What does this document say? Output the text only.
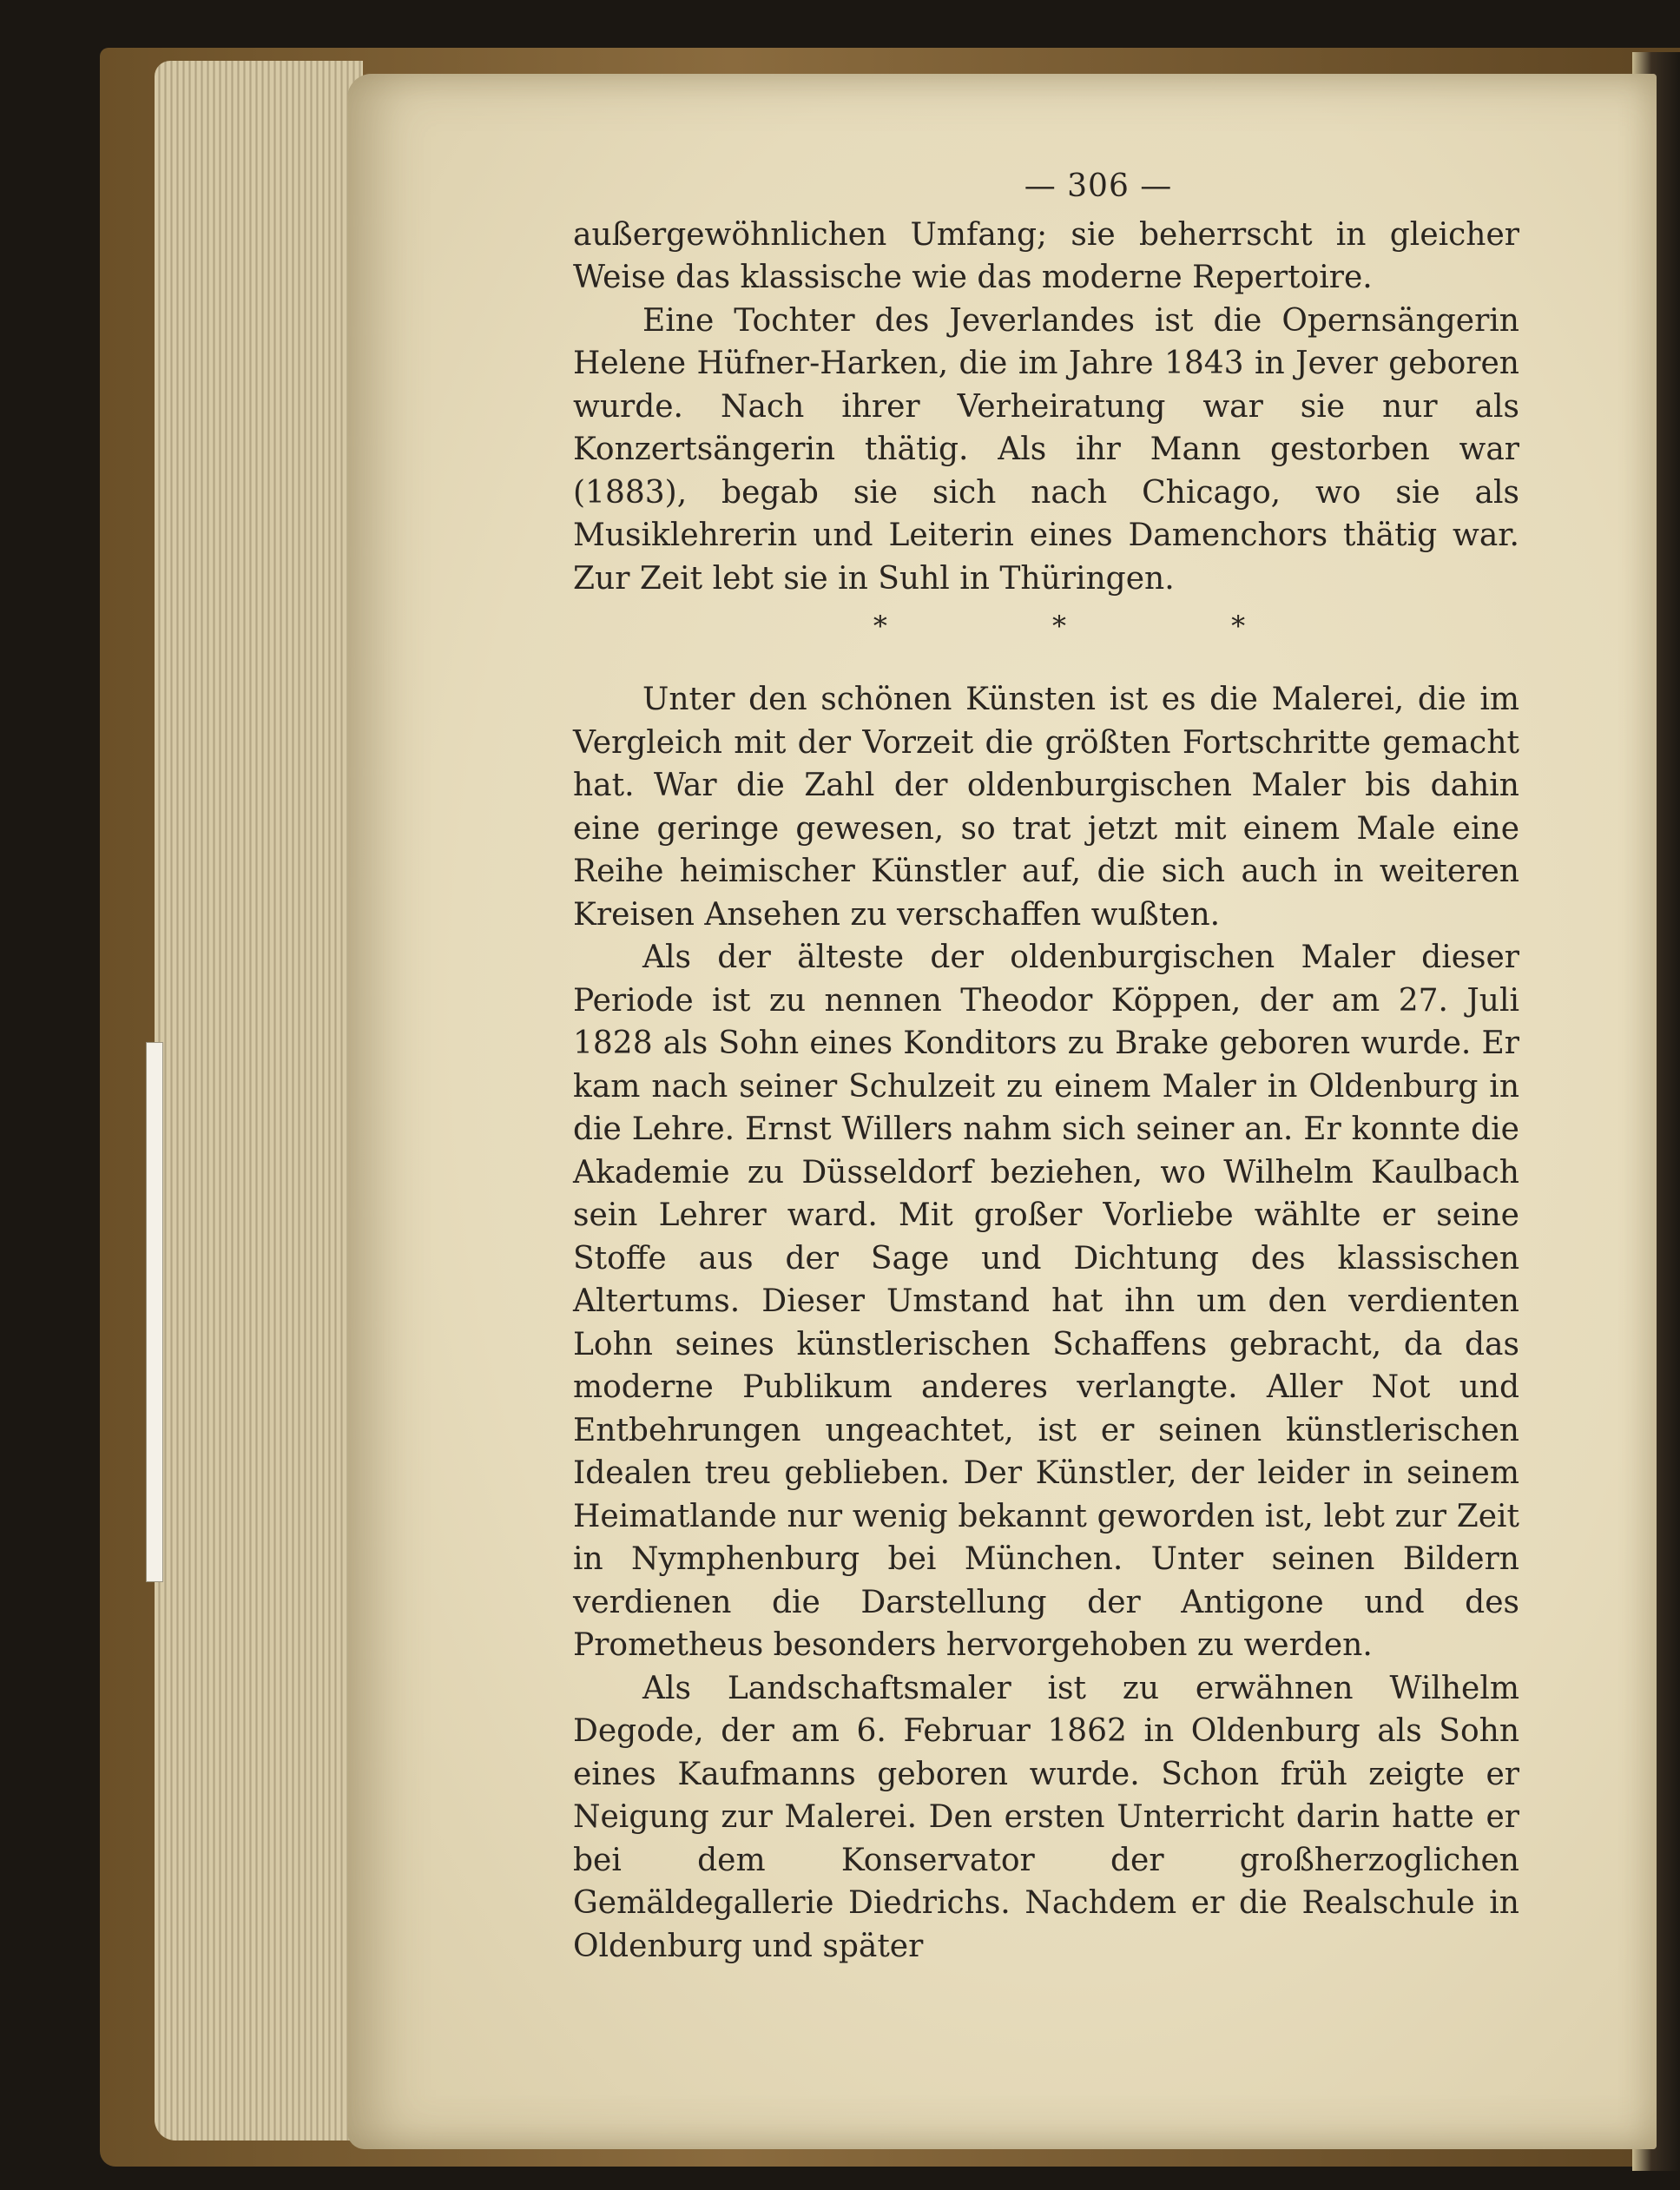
— 306 —

außergewöhnlichen Umfang; sie beherrscht in gleicher Weise das klassische wie das moderne Repertoire.

Eine Tochter des Jeverlandes ist die Opernsängerin Helene Hüfner-Harken, die im Jahre 1843 in Jever geboren wurde. Nach ihrer Verheiratung war sie nur als Konzertsängerin thätig. Als ihr Mann gestorben war (1883), begab sie sich nach Chicago, wo sie als Musiklehrerin und Leiterin eines Damenchors thätig war. Zur Zeit lebt sie in Suhl in Thüringen.

* * *

Unter den schönen Künsten ist es die Malerei, die im Vergleich mit der Vorzeit die größten Fortschritte gemacht hat. War die Zahl der oldenburgischen Maler bis dahin eine geringe gewesen, so trat jetzt mit einem Male eine Reihe heimischer Künstler auf, die sich auch in weiteren Kreisen Ansehen zu verschaffen wußten.

Als der älteste der oldenburgischen Maler dieser Periode ist zu nennen Theodor Köppen, der am 27. Juli 1828 als Sohn eines Konditors zu Brake geboren wurde. Er kam nach seiner Schulzeit zu einem Maler in Oldenburg in die Lehre. Ernst Willers nahm sich seiner an. Er konnte die Akademie zu Düsseldorf beziehen, wo Wilhelm Kaulbach sein Lehrer ward. Mit großer Vorliebe wählte er seine Stoffe aus der Sage und Dichtung des klassischen Altertums. Dieser Umstand hat ihn um den verdienten Lohn seines künstlerischen Schaffens gebracht, da das moderne Publikum anderes verlangte. Aller Not und Entbehrungen ungeachtet, ist er seinen künstlerischen Idealen treu geblieben. Der Künstler, der leider in seinem Heimatlande nur wenig bekannt geworden ist, lebt zur Zeit in Nymphenburg bei München. Unter seinen Bildern verdienen die Darstellung der Antigone und des Prometheus besonders hervorgehoben zu werden.

Als Landschaftsmaler ist zu erwähnen Wilhelm Degode, der am 6. Februar 1862 in Oldenburg als Sohn eines Kaufmanns geboren wurde. Schon früh zeigte er Neigung zur Malerei. Den ersten Unterricht darin hatte er bei dem Konservator der großherzoglichen Gemäldegallerie Diedrichs. Nachdem er die Realschule in Oldenburg und später
